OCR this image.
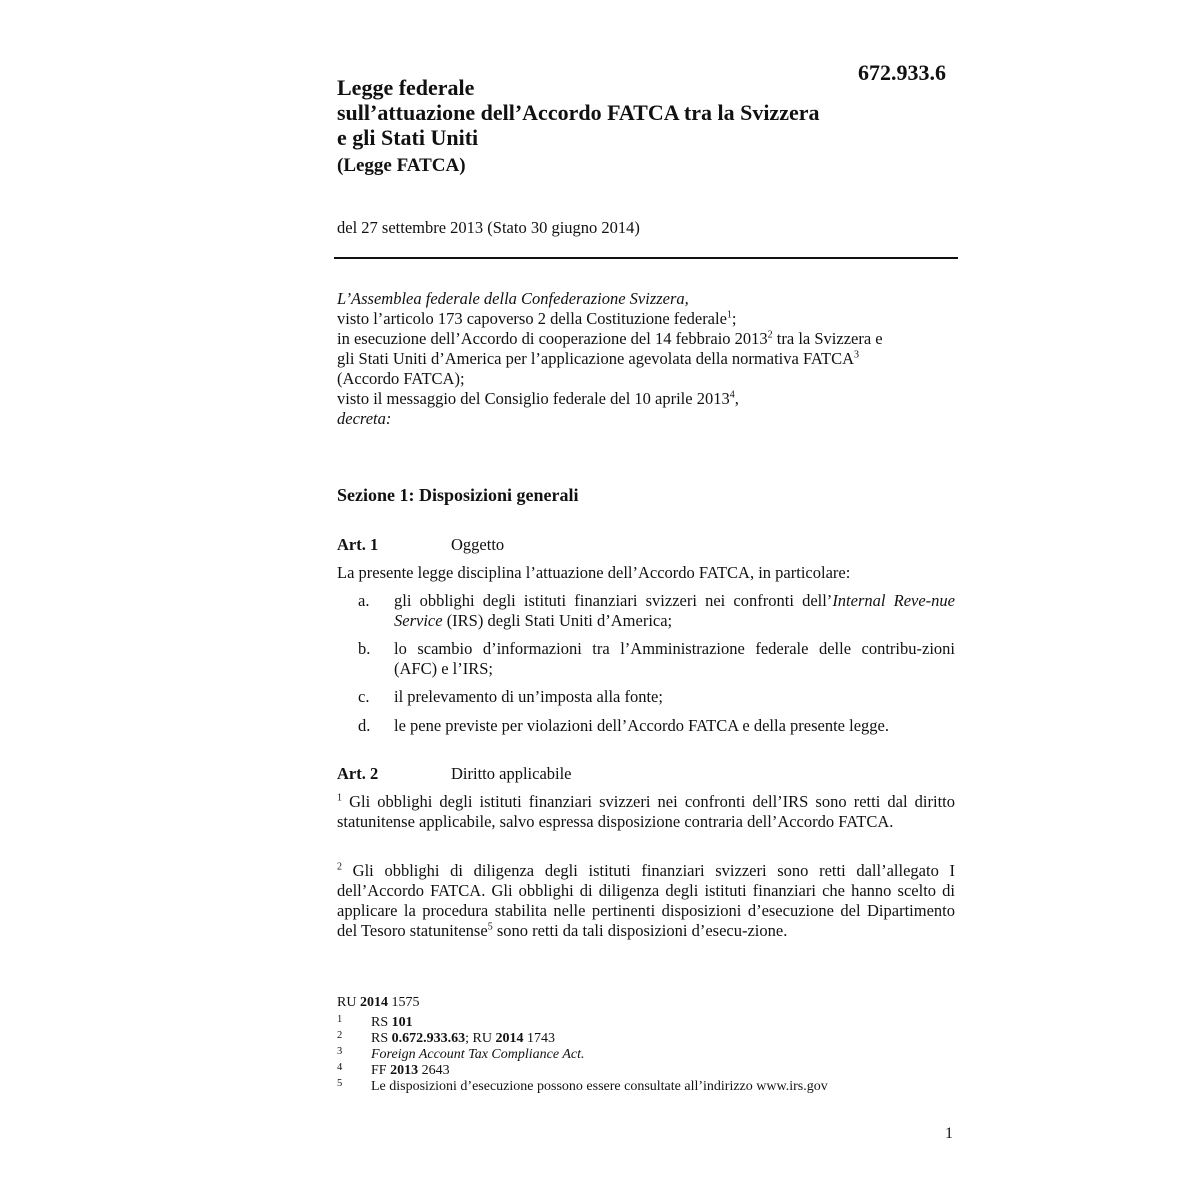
672.933.6
Legge federale
sull’attuazione dell’Accordo FATCA tra la Svizzera
e gli Stati Uniti
(Legge FATCA)
del 27 settembre 2013 (Stato 30 giugno 2014)
L’Assemblea federale della Confederazione Svizzera,
visto l’articolo 173 capoverso 2 della Costituzione federale$^1$;
in esecuzione dell’Accordo di cooperazione del 14 febbraio 2013$^2$ tra la Svizzera e
gli Stati Uniti d’America per l’applicazione agevolata della normativa FATCA$^3$
(Accordo FATCA);
visto il messaggio del Consiglio federale del 10 aprile 2013$^4$,
decreta:
Sezione 1: Disposizioni generali
Art. 1	Oggetto
La presente legge disciplina l’attuazione dell’Accordo FATCA, in particolare:
a. gli obblighi degli istituti finanziari svizzeri nei confronti dell’Internal Reve-nue Service (IRS) degli Stati Uniti d’America;
b. lo scambio d’informazioni tra l’Amministrazione federale delle contribu-zioni (AFC) e l’IRS;
c. il prelevamento di un’imposta alla fonte;
d. le pene previste per violazioni dell’Accordo FATCA e della presente legge.
Art. 2	Diritto applicabile
$^1$ Gli obblighi degli istituti finanziari svizzeri nei confronti dell’IRS sono retti dal diritto statunitense applicabile, salvo espressa disposizione contraria dell’Accordo FATCA.
$^2$ Gli obblighi di diligenza degli istituti finanziari svizzeri sono retti dall’allegato I dell’Accordo FATCA. Gli obblighi di diligenza degli istituti finanziari che hanno scelto di applicare la procedura stabilita nelle pertinenti disposizioni d’esecuzione del Dipartimento del Tesoro statunitense$^5$ sono retti da tali disposizioni d’esecu-zione.
RU 2014 1575
1 RS 101
2 RS 0.672.933.63; RU 2014 1743
3 Foreign Account Tax Compliance Act.
4 FF 2013 2643
5 Le disposizioni d’esecuzione possono essere consultate all’indirizzo www.irs.gov
1
